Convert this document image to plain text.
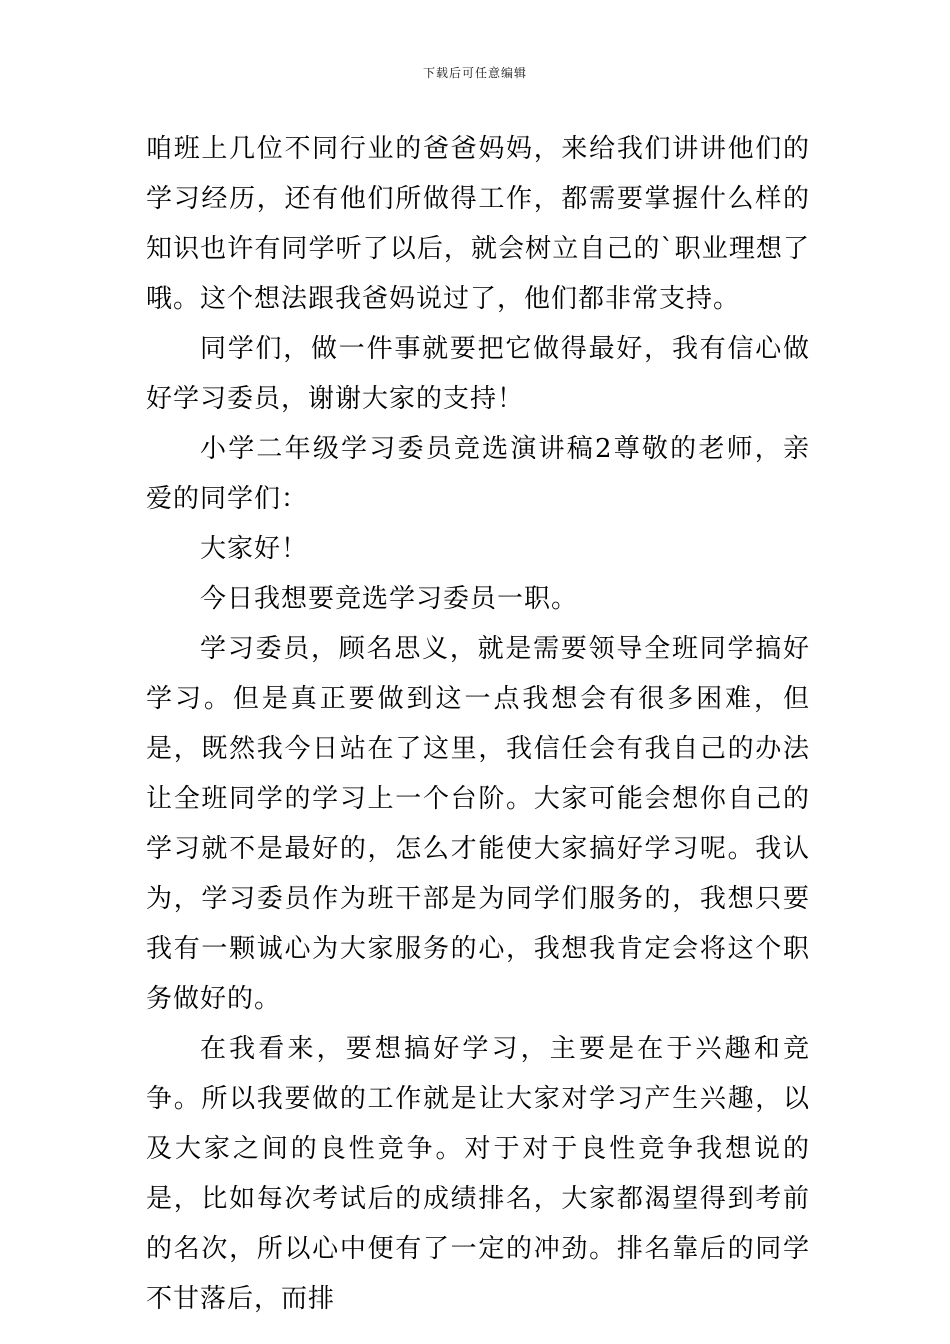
下载后可任意编辑

咱班上几位不同行业的爸爸妈妈，来给我们讲讲他们的学习经历，还有他们所做得工作，都需要掌握什么样的知识也许有同学听了以后，就会树立自己的`职业理想了哦。这个想法跟我爸妈说过了，他们都非常支持。

同学们，做一件事就要把它做得最好，我有信心做好学习委员，谢谢大家的支持！

小学二年级学习委员竞选演讲稿2尊敬的老师，亲爱的同学们：

大家好！

今日我想要竞选学习委员一职。

学习委员，顾名思义，就是需要领导全班同学搞好学习。但是真正要做到这一点我想会有很多困难，但是，既然我今日站在了这里，我信任会有我自己的办法让全班同学的学习上一个台阶。大家可能会想你自己的学习就不是最好的，怎么才能使大家搞好学习呢。我认为，学习委员作为班干部是为同学们服务的，我想只要我有一颗诚心为大家服务的心，我想我肯定会将这个职务做好的。

在我看来，要想搞好学习，主要是在于兴趣和竞争。所以我要做的工作就是让大家对学习产生兴趣，以及大家之间的良性竞争。对于对于良性竞争我想说的是，比如每次考试后的成绩排名，大家都渴望得到考前的名次，所以心中便有了一定的冲劲。排名靠后的同学不甘落后，而排
